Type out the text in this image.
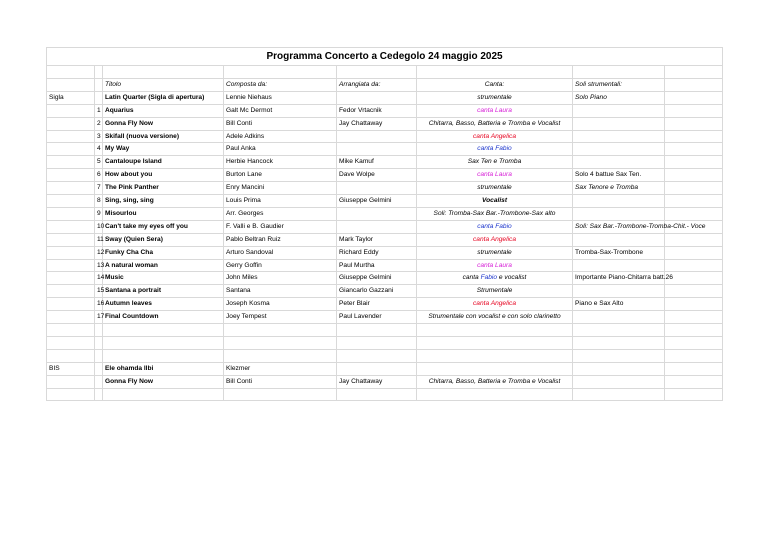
Programma Concerto a Cedegolo 24 maggio 2025							

		Titolo	Composta da:	Arrangiata da:	Canta:	Soli strumentali:	
Sigla		Latin Quarter (Sigla di apertura)	Lennie Niehaus		strumentale	Solo Piano	
	1	Aquarius	Galt Mc Dermot	Fedor Vrtacnik	canta Laura		
	2	Gonna Fly Now	Bill Conti	Jay Chattaway	Chitarra, Basso, Batteria e Tromba e Vocalist		
	3	Skifall (nuova versione)	Adele Adkins		canta Angelica		
	4	My Way	Paul Anka		canta Fabio		
	5	Cantaloupe Island	Herbie Hancock	Mike Kamuf	Sax Ten e Tromba		
	6	How about you	Burton Lane	Dave Wolpe	canta Laura	Solo 4 battue Sax Ten.	
	7	The Pink Panther	Enry Mancini		strumentale	Sax Tenore e Tromba	
	8	Sing, sing, sing	Louis Prima	Giuseppe Gelmini	Vocalist		
	9	Misourlou	Arr. Georges		Soli: Tromba-Sax Bar.-Trombone-Sax alto		
	10	Can't take my eyes off you	F. Valli e B. Gaudier		canta Fabio	Soli: Sax Bar.-Trombone-Tromba-Chit.- Voce	
	11	Sway (Quien Sera)	Pablo Beltran Ruiz	Mark Taylor	canta Angelica		
	12	Funky Cha Cha	Arturo Sandoval	Richard Eddy	strumentale	Tromba-Sax-Trombone	
	13	A natural woman	Gerry Goffin	Paul Murtha	canta Laura		
	14	Music	John Miles	Giuseppe Gelmini	canta Fabio e vocalist	Importante Piano-Chitarra batt.26	
	15	Santana a portrait	Santana	Giancarlo Gazzani	Strumentale		
	16	Autumn leaves	Joseph Kosma	Peter Blair	canta Angelica	Piano e Sax Alto	
	17	Final Countdown	Joey Tempest	Paul Lavender	Strumentale con vocalist e con solo clarinetto		

BIS		Ele ohamda llbi	Klezmer				
		Gonna Fly Now	Bill Conti	Jay Chattaway	Chitarra, Basso, Batteria e Tromba e Vocalist		
